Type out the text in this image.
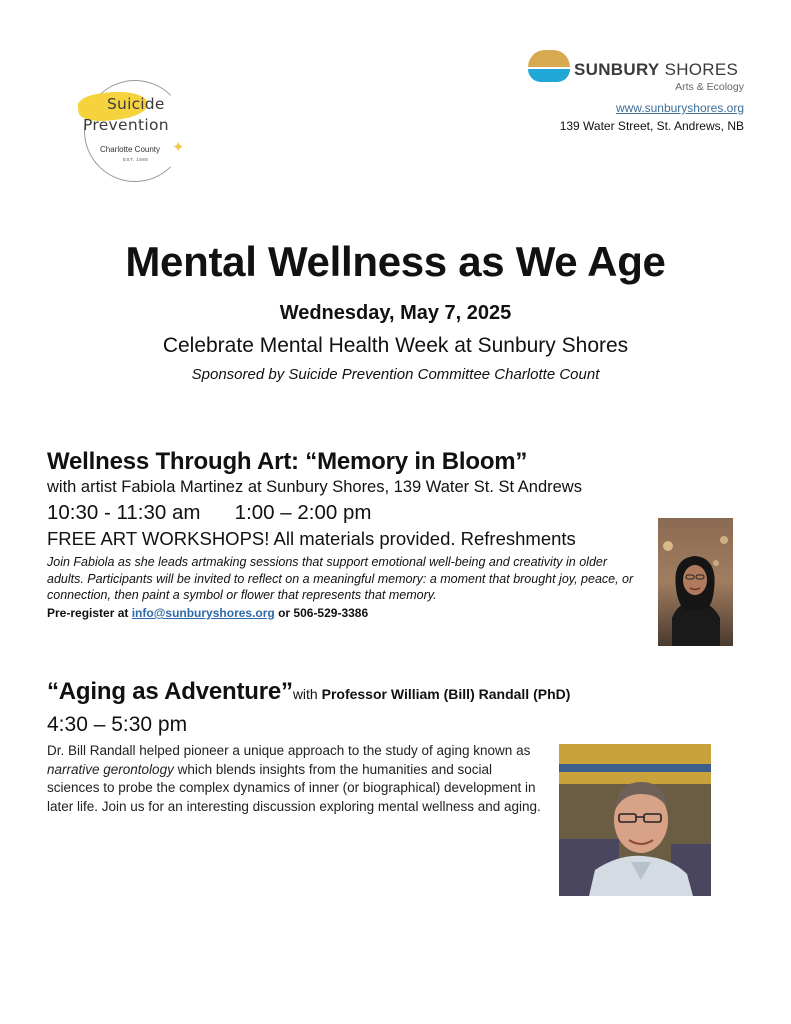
Suicide
Prevention
Charlotte County
EST. 1989
✦
SUNBURY SHORES
Arts & Ecology
www.sunburyshores.org
139 Water Street, St. Andrews, NB
Mental Wellness as We Age
Wednesday, May 7, 2025
Celebrate Mental Health Week at Sunbury Shores
Sponsored by Suicide Prevention Committee Charlotte Count
Wellness Through Art: “Memory in Bloom”
with artist Fabiola Martinez at Sunbury Shores, 139 Water St. St Andrews
10:30 - 11:30 am 1:00 – 2:00 pm
FREE ART WORKSHOPS! All materials provided. Refreshments
Join Fabiola as she leads artmaking sessions that support emotional well-being and creativity in older adults. Participants will be invited to reflect on a meaningful memory: a moment that brought joy, peace, or connection, then paint a symbol or flower that represents that memory.
Pre-register at info@sunburyshores.org or 506-529-3386
“Aging as Adventure”with Professor William (Bill) Randall (PhD)
4:30 – 5:30 pm
Dr. Bill Randall helped pioneer a unique approach to the study of aging known as narrative gerontology which blends insights from the humanities and social sciences to probe the complex dynamics of inner (or biographical) development in later life. Join us for an interesting discussion exploring mental wellness and aging.
